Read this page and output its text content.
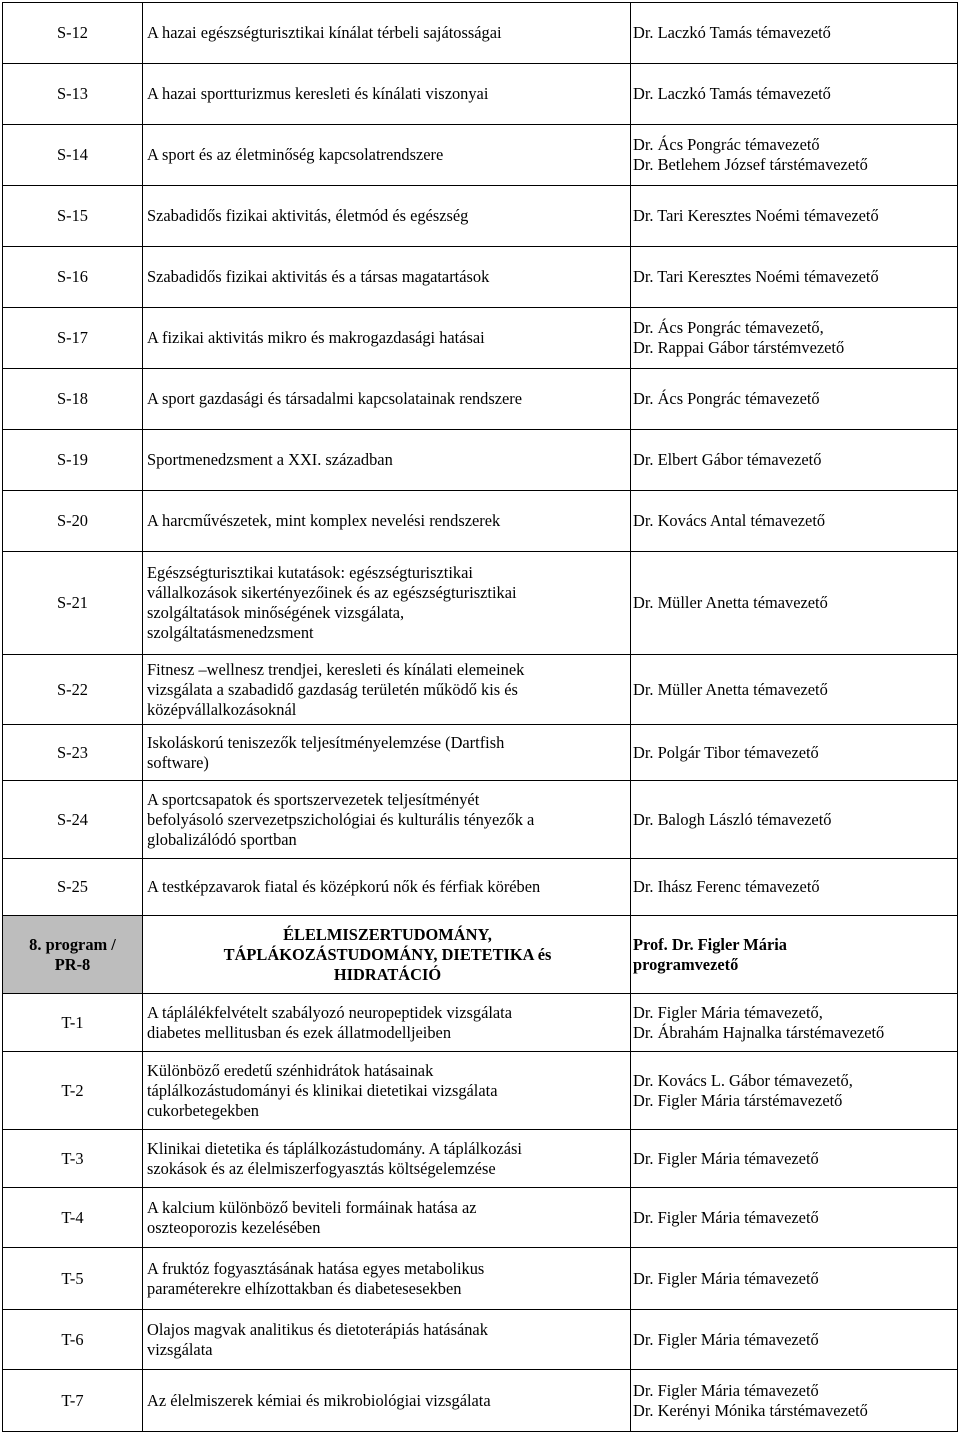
S-12	A hazai egészségturisztikai kínálat térbeli sajátosságai	Dr. Laczkó Tamás témavezető

S-13	A hazai sportturizmus keresleti és kínálati viszonyai	Dr. Laczkó Tamás témavezető

S-14	A sport és az életminőség kapcsolatrendszere	Dr. Ács Pongrác témavezető
Dr. Betlehem József társtémavezető

S-15	Szabadidős fizikai aktivitás, életmód és egészség	Dr. Tari Keresztes Noémi témavezető

S-16	Szabadidős fizikai aktivitás és a társas magatartások	Dr. Tari Keresztes Noémi témavezető

S-17	A fizikai aktivitás mikro és makrogazdasági hatásai	Dr. Ács Pongrác témavezető,
Dr. Rappai Gábor társtémvezető

S-18	A sport gazdasági és társadalmi kapcsolatainak rendszere	Dr. Ács Pongrác témavezető

S-19	Sportmenedzsment a XXI. században	Dr. Elbert Gábor témavezető

S-20	A harcművészetek, mint komplex nevelési rendszerek	Dr. Kovács Antal témavezető

S-21	Egészségturisztikai kutatások: egészségturisztikai
vállalkozások sikertényezőinek és az egészségturisztikai
szolgáltatások minőségének vizsgálata,
szolgáltatásmenedzsment	Dr. Müller Anetta témavezető

S-22	Fitnesz –wellnesz trendjei, keresleti és kínálati elemeinek
vizsgálata a szabadidő gazdaság területén működő kis és
középvállalkozásoknál	Dr. Müller Anetta témavezető

S-23	Iskoláskorú teniszezők teljesítményelemzése (Dartfish
software)	Dr. Polgár Tibor témavezető

S-24	A sportcsapatok és sportszervezetek teljesítményét
befolyásoló szervezetpszichológiai és kulturális tényezők a
globalizálódó sportban	Dr. Balogh László témavezető

S-25	A testképzavarok fiatal és középkorú nők és férfiak körében	Dr. Ihász Ferenc témavezető

8. program /
PR-8	ÉLELMISZERTUDOMÁNY,
TÁPLÁKOZÁSTUDOMÁNY, DIETETIKA és
HIDRATÁCIÓ	Prof. Dr. Figler Mária
programvezető

T-1	A táplálékfelvételt szabályozó neuropeptidek vizsgálata
diabetes mellitusban és ezek állatmodelljeiben	Dr. Figler Mária témavezető,
Dr. Ábrahám Hajnalka társtémavezető

T-2	Különböző eredetű szénhidrátok hatásainak
táplálkozástudományi és klinikai dietetikai vizsgálata
cukorbetegekben	Dr. Kovács L. Gábor témavezető,
Dr. Figler Mária társtémavezető

T-3	Klinikai dietetika és táplálkozástudomány. A táplálkozási
szokások és az élelmiszerfogyasztás költségelemzése	Dr. Figler Mária témavezető

T-4	A kalcium különböző beviteli formáinak hatása az
oszteoporozis kezelésében	Dr. Figler Mária témavezető

T-5	A fruktóz fogyasztásának hatása egyes metabolikus
paraméterekre elhízottakban és diabetesesekben	Dr. Figler Mária témavezető

T-6	Olajos magvak analitikus és dietoterápiás hatásának
vizsgálata	Dr. Figler Mária témavezető

T-7	Az élelmiszerek kémiai és mikrobiológiai vizsgálata	Dr. Figler Mária témavezető
Dr. Kerényi Mónika társtémavezető
